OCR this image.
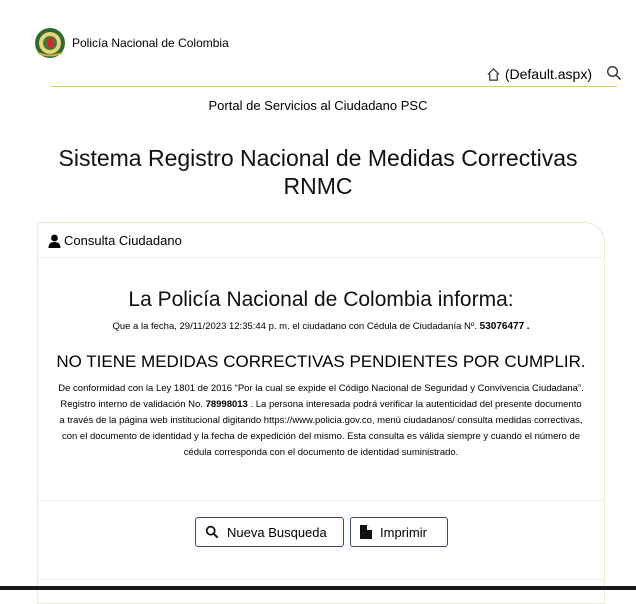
Policía Nacional de Colombia
(Default.aspx)
Portal de Servicios al Ciudadano PSC
Sistema Registro Nacional de Medidas Correctivas
RNMC
Consulta Ciudadano
La Policía Nacional de Colombia informa:
Que a la fecha, 29/11/2023 12:35:44 p. m. el ciudadano con Cédula de Ciudadanía Nº. 53076477 .
NO TIENE MEDIDAS CORRECTIVAS PENDIENTES POR CUMPLIR.
De conformidad con la Ley 1801 de 2016 “Por la cual se expide el Código Nacional de Seguridad y Convivencia Ciudadana”. Registro interno de validación No. 78998013 . La persona interesada podrá verificar la autenticidad del presente documento a través de la página web institucional digitando https://www.policia.gov.co, menú ciudadanos/ consulta medidas correctivas, con el documento de identidad y la fecha de expedición del mismo. Esta consulta es válida siempre y cuando el número de cédula corresponda con el documento de identidad suministrado.
Nueva Busqueda	Imprimir
